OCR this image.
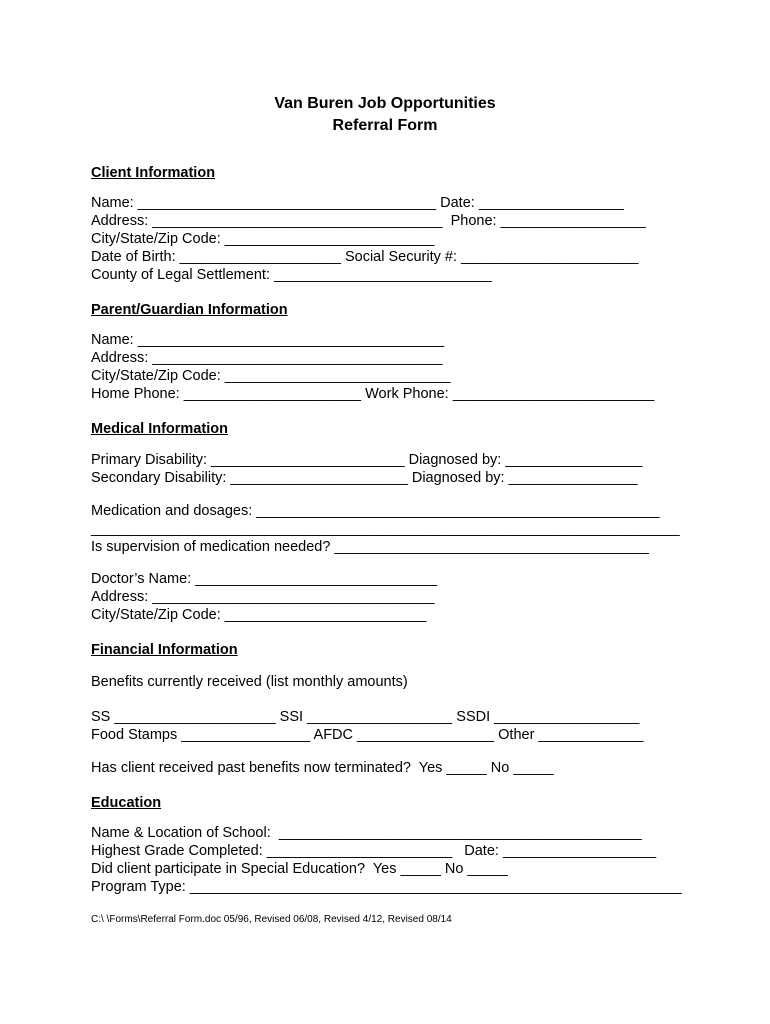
Van Buren Job Opportunities
Referral Form
Client Information
Name: _____________________________________ Date: __________________
Address: ____________________________________  Phone: __________________
City/State/Zip Code: __________________________
Date of Birth: ____________________ Social Security #: ______________________
County of Legal Settlement: ___________________________
Parent/Guardian Information
Name: ______________________________________
Address: ____________________________________
City/State/Zip Code: ____________________________
Home Phone: ______________________ Work Phone: _________________________
Medical Information
Primary Disability: ________________________ Diagnosed by: _________________
Secondary Disability: ______________________ Diagnosed by: ________________
Medication and dosages: __________________________________________________
_________________________________________________________________________
Is supervision of medication needed? _______________________________________
Doctor’s Name: ______________________________
Address: ___________________________________
City/State/Zip Code: _________________________
Financial Information
Benefits currently received (list monthly amounts)
SS ____________________ SSI __________________ SSDI __________________
Food Stamps ________________ AFDC _________________ Other _____________
Has client received past benefits now terminated?  Yes _____ No _____
Education
Name & Location of School:  _____________________________________________
Highest Grade Completed: _______________________   Date: ___________________
Did client participate in Special Education?  Yes _____ No _____
Program Type: _____________________________________________________________
C:\ \Forms\Referral Form.doc 05/96, Revised 06/08, Revised 4/12, Revised 08/14
